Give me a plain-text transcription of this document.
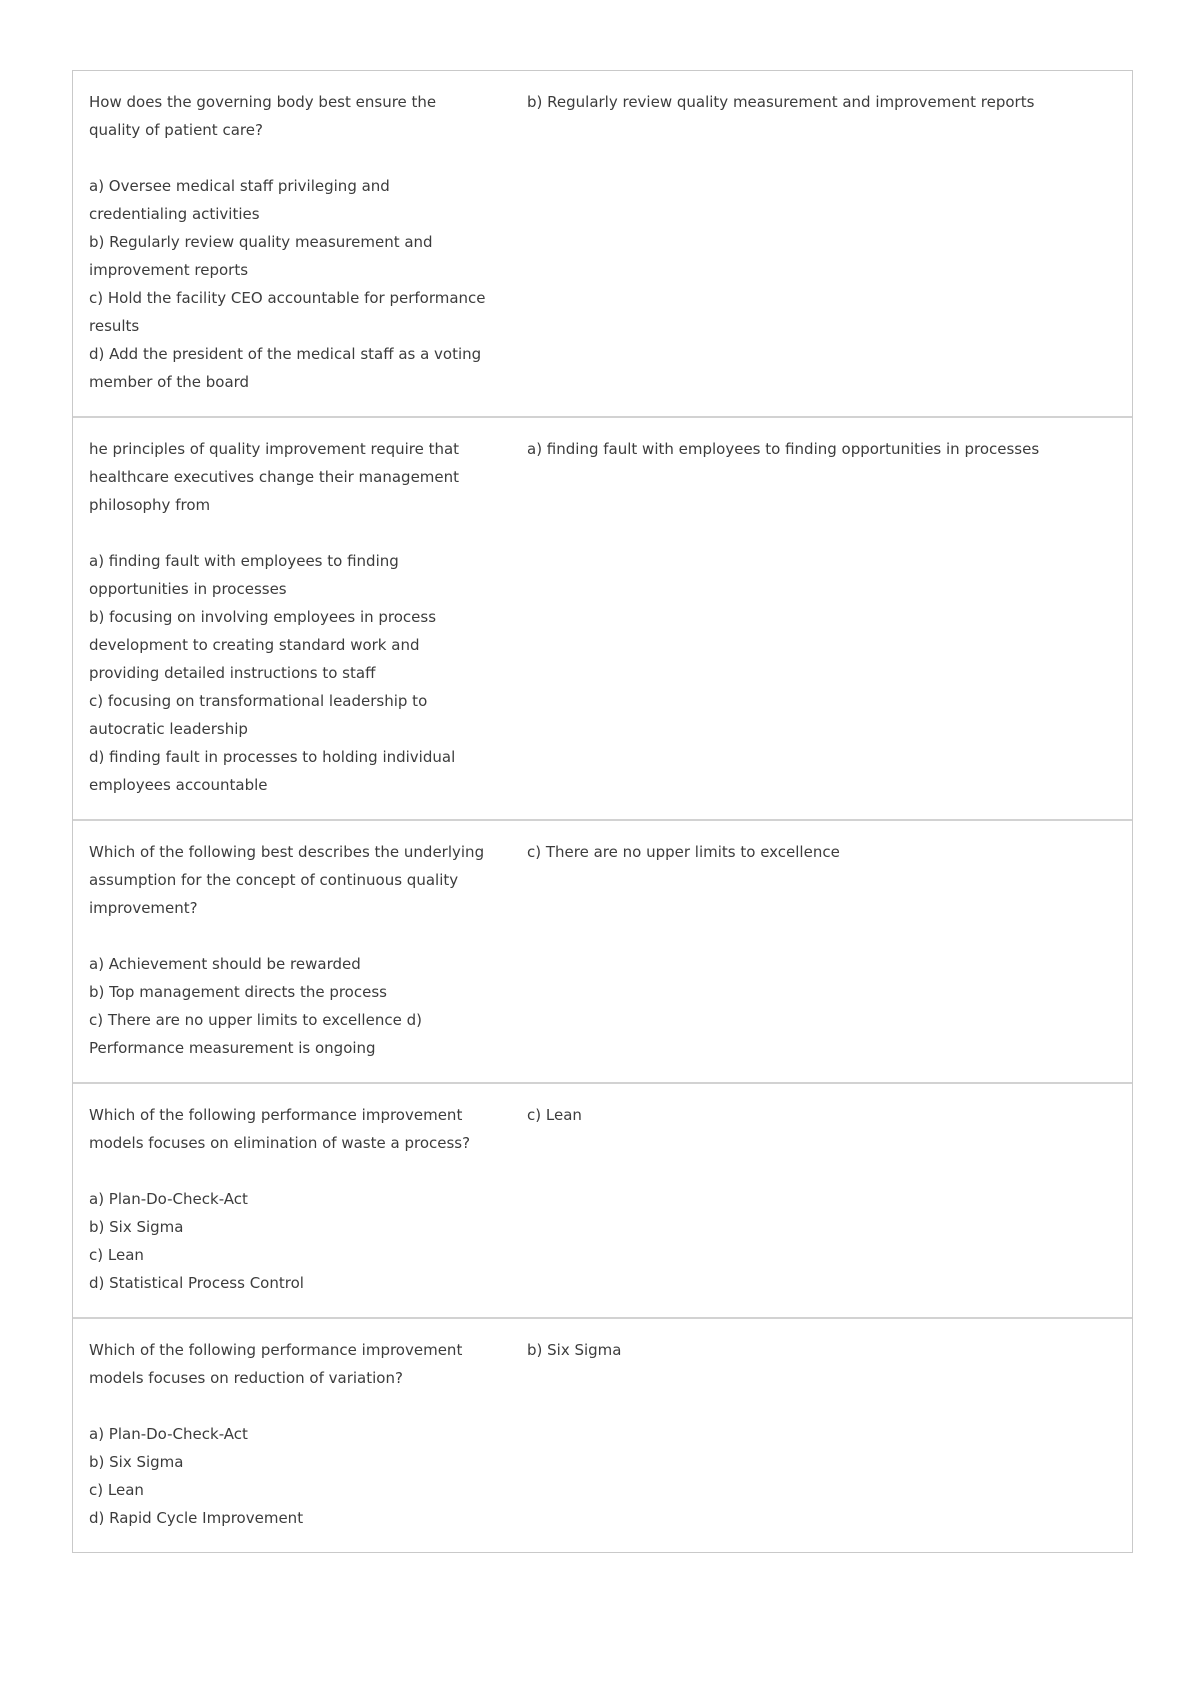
How does the governing body best ensure the quality of patient care?
a) Oversee medical staff privileging and credentialing activities
b) Regularly review quality measurement and improvement reports
c) Hold the facility CEO accountable for performance results
d) Add the president of the medical staff as a voting member of the board
b) Regularly review quality measurement and improvement reports
he principles of quality improvement require that healthcare executives change their management philosophy from
a) finding fault with employees to finding opportunities in processes
b) focusing on involving employees in process development to creating standard work and providing detailed instructions to staff
c) focusing on transformational leadership to autocratic leadership
d) finding fault in processes to holding individual employees accountable
a) finding fault with employees to finding opportunities in processes
Which of the following best describes the underlying assumption for the concept of continuous quality improvement?
a) Achievement should be rewarded
b) Top management directs the process
c) There are no upper limits to excellence d) Performance measurement is ongoing
c) There are no upper limits to excellence
Which of the following performance improvement models focuses on elimination of waste a process?
a) Plan-Do-Check-Act
b) Six Sigma
c) Lean
d) Statistical Process Control
c) Lean
Which of the following performance improvement models focuses on reduction of variation?
a) Plan-Do-Check-Act
b) Six Sigma
c) Lean
d) Rapid Cycle Improvement
b) Six Sigma
